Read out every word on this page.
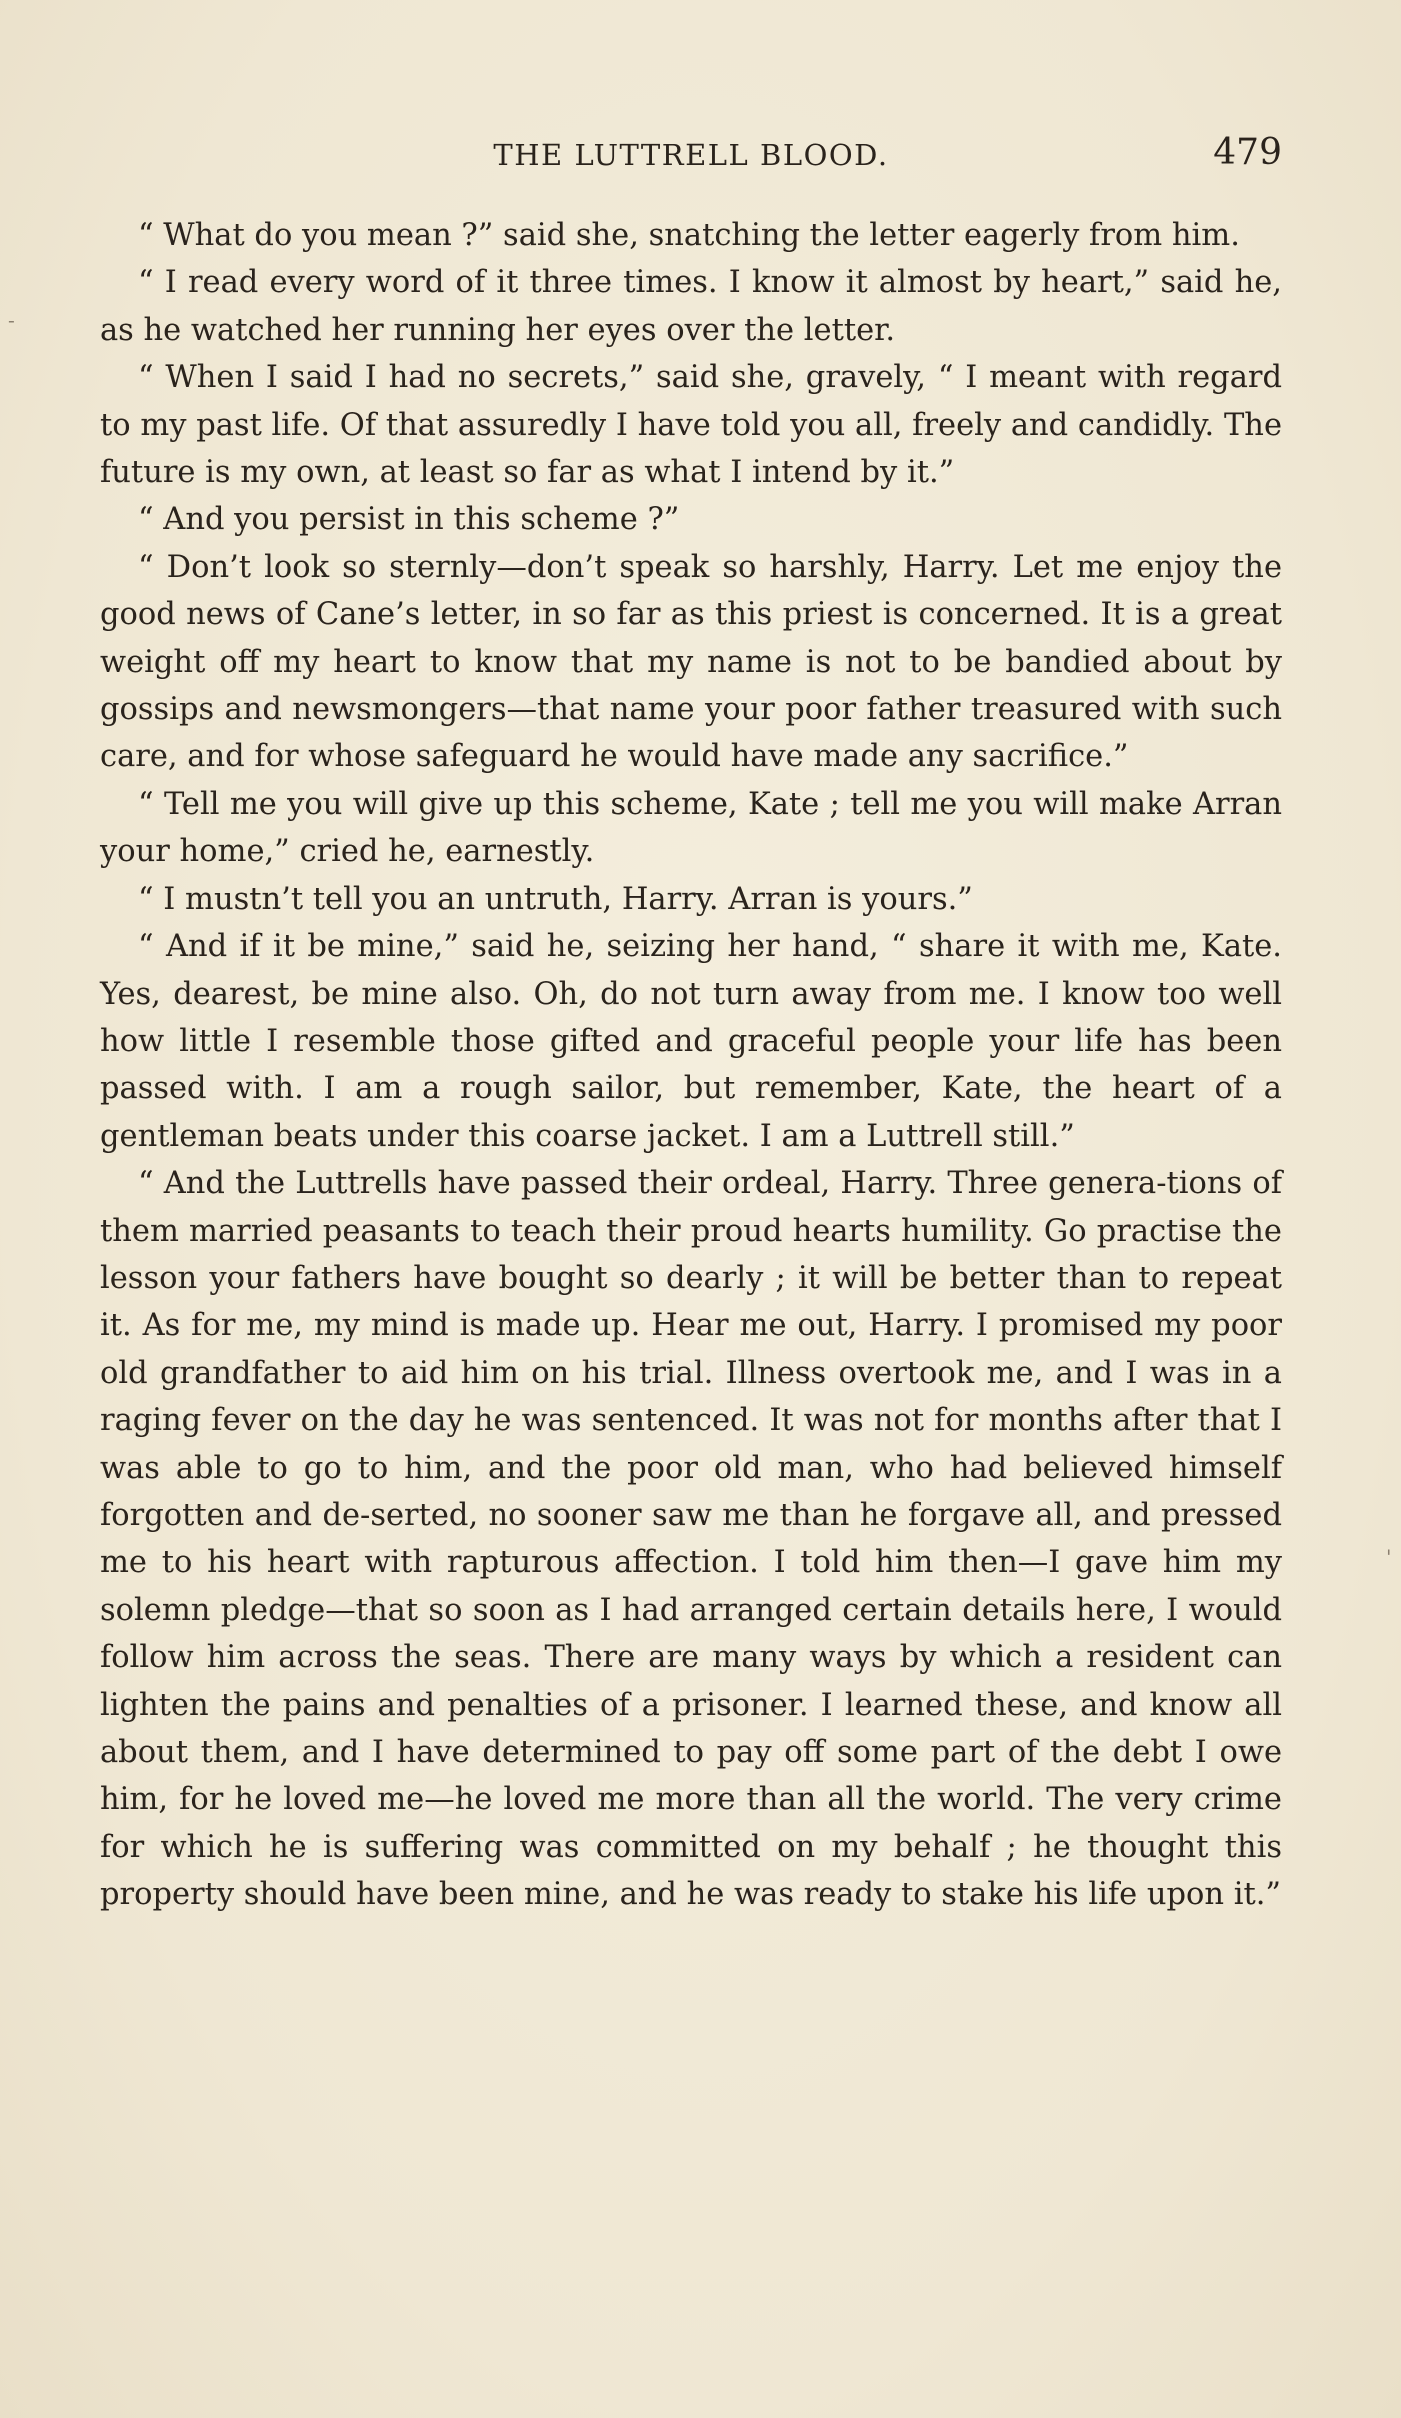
THE LUTTRELL BLOOD.	479

“ What do you mean ?” said she, snatching the letter eagerly from him.

“ I read every word of it three times. I know it almost by heart,” said he, as he watched her running her eyes over the letter.

“ When I said I had no secrets,” said she, gravely, “ I meant with regard to my past life. Of that assuredly I have told you all, freely and candidly. The future is my own, at least so far as what I intend by it.”

“ And you persist in this scheme ?”

“ Don’t look so sternly—don’t speak so harshly, Harry. Let me enjoy the good news of Cane’s letter, in so far as this priest is concerned. It is a great weight off my heart to know that my name is not to be bandied about by gossips and newsmongers—that name your poor father treasured with such care, and for whose safeguard he would have made any sacrifice.”

“ Tell me you will give up this scheme, Kate ; tell me you will make Arran your home,” cried he, earnestly.

“ I mustn’t tell you an untruth, Harry. Arran is yours.”

“ And if it be mine,” said he, seizing her hand, “ share it with me, Kate. Yes, dearest, be mine also. Oh, do not turn away from me. I know too well how little I resemble those gifted and graceful people your life has been passed with. I am a rough sailor, but remember, Kate, the heart of a gentleman beats under this coarse jacket. I am a Luttrell still.”

“ And the Luttrells have passed their ordeal, Harry. Three genera-tions of them married peasants to teach their proud hearts humility. Go practise the lesson your fathers have bought so dearly ; it will be better than to repeat it. As for me, my mind is made up. Hear me out, Harry. I promised my poor old grandfather to aid him on his trial. Illness overtook me, and I was in a raging fever on the day he was sentenced. It was not for months after that I was able to go to him, and the poor old man, who had believed himself forgotten and de-serted, no sooner saw me than he forgave all, and pressed me to his heart with rapturous affection. I told him then—I gave him my solemn pledge—that so soon as I had arranged certain details here, I would follow him across the seas. There are many ways by which a resident can lighten the pains and penalties of a prisoner. I learned these, and know all about them, and I have determined to pay off some part of the debt I owe him, for he loved me—he loved me more than all the world. The very crime for which he is suffering was committed on my behalf ; he thought this property should have been mine, and he was ready to stake his life upon it.”

-
'
